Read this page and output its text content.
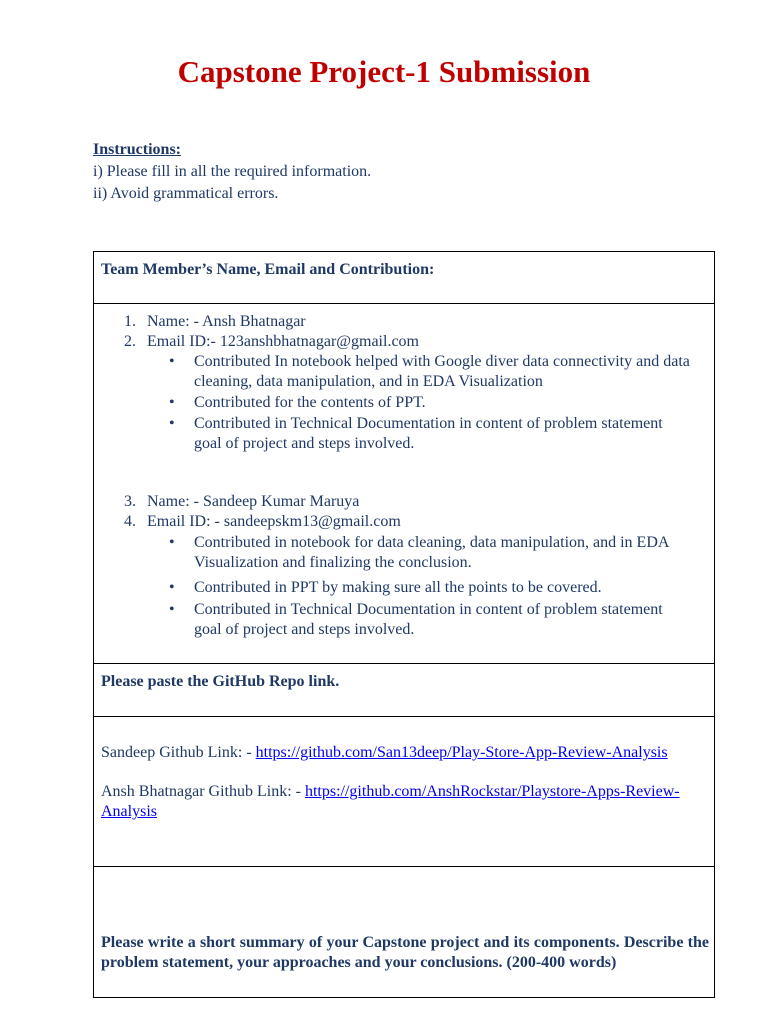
Capstone Project-1 Submission
Instructions:
i) Please fill in all the required information.
ii) Avoid grammatical errors.
Team Member’s Name, Email and Contribution:
1. Name: - Ansh Bhatnagar
2. Email ID:- 123anshbhatnagar@gmail.com
• Contributed In notebook helped with Google diver data connectivity and data cleaning, data manipulation, and in EDA Visualization
• Contributed for the contents of PPT.
• Contributed in Technical Documentation in content of problem statement goal of project and steps involved.
3. Name: - Sandeep Kumar Maruya
4. Email ID: - sandeepskm13@gmail.com
• Contributed in notebook for data cleaning, data manipulation, and in EDA Visualization and finalizing the conclusion.
• Contributed in PPT by making sure all the points to be covered.
• Contributed in Technical Documentation in content of problem statement goal of project and steps involved.
Please paste the GitHub Repo link.

Sandeep Github Link: - https://github.com/San13deep/Play-Store-App-Review-Analysis

Ansh Bhatnagar Github Link: - https://github.com/AnshRockstar/Playstore-Apps-Review-Analysis

Please write a short summary of your Capstone project and its components. Describe the problem statement, your approaches and your conclusions. (200-400 words)
